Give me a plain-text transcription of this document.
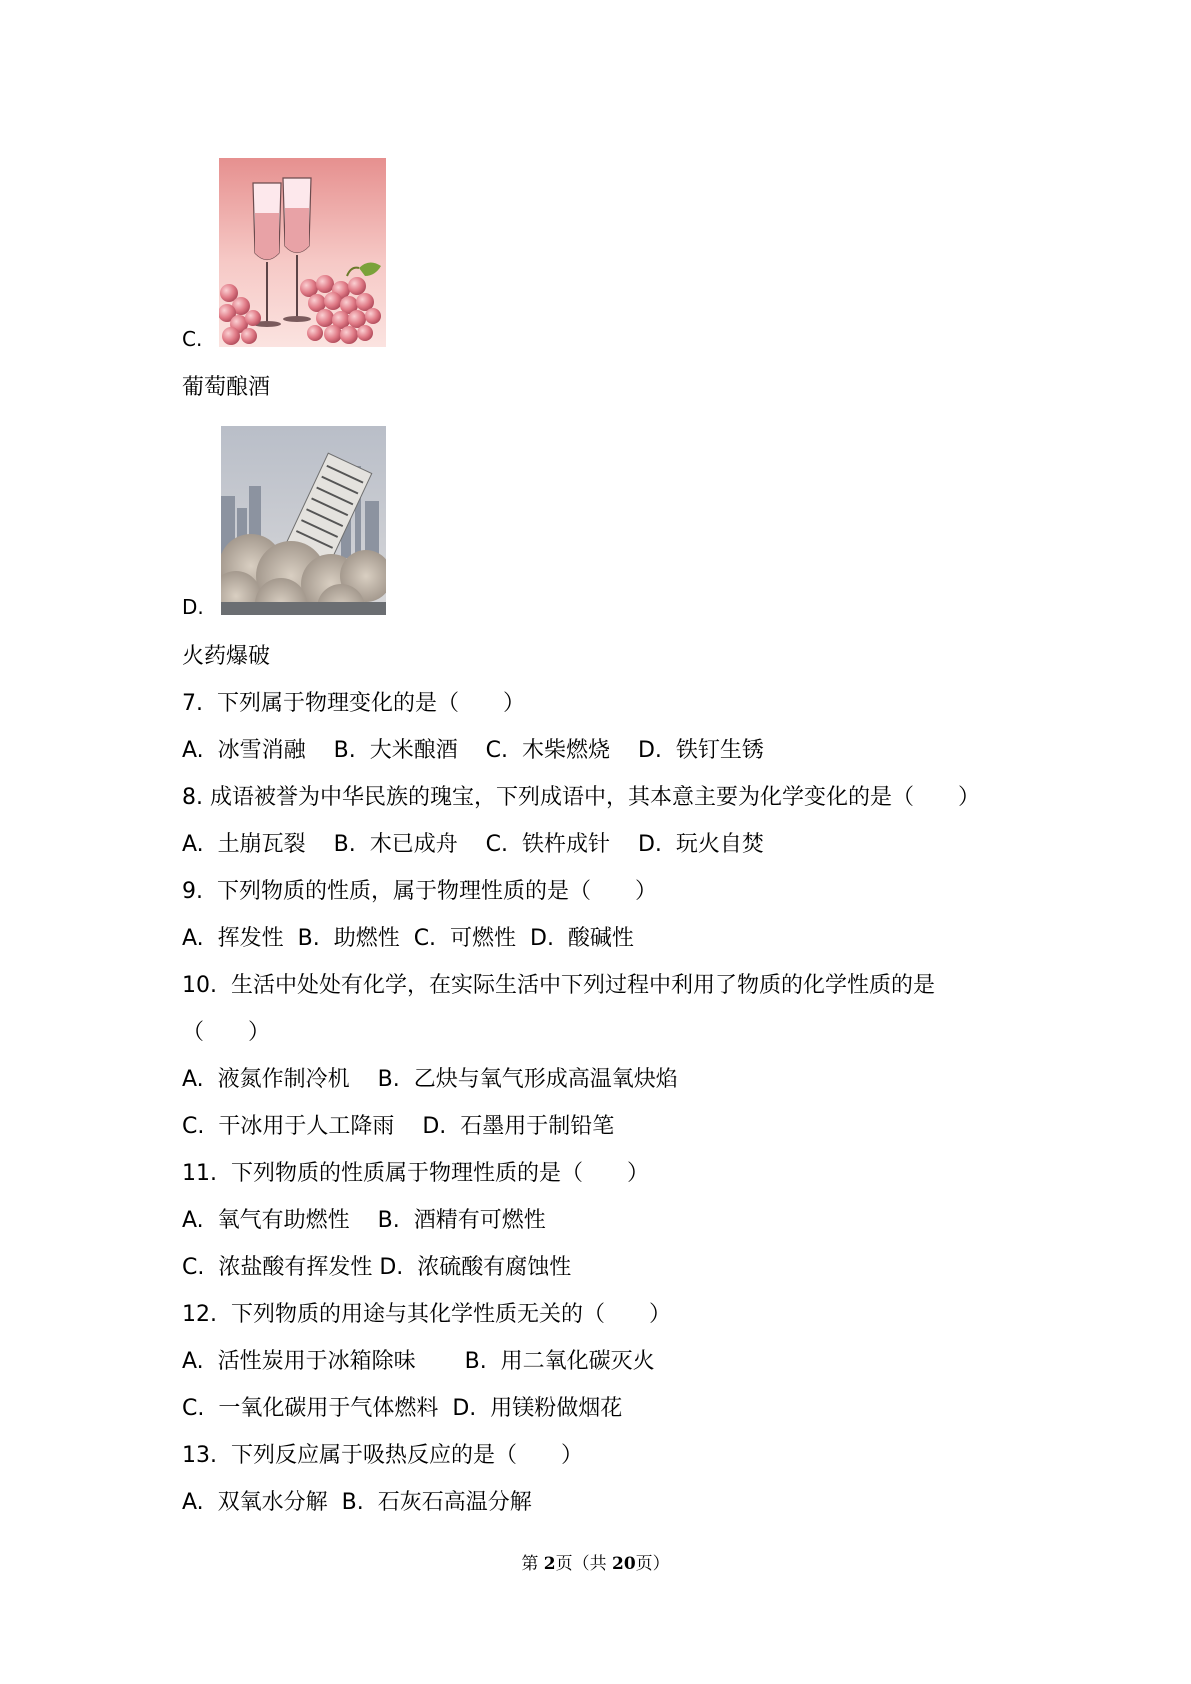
C.
葡萄酿酒
D.
火药爆破
7.  下列属于物理变化的是（　　）
A.  冰雪消融    B.  大米酿酒    C.  木柴燃烧    D.  铁钉生锈
8. 成语被誉为中华民族的瑰宝，下列成语中，其本意主要为化学变化的是（　　）
A.  土崩瓦裂    B.  木已成舟    C.  铁杵成针    D.  玩火自焚
9.  下列物质的性质，属于物理性质的是（　　）
A.  挥发性  B.  助燃性  C.  可燃性  D.  酸碱性
10.  生活中处处有化学，在实际生活中下列过程中利用了物质的化学性质的是
（　　）
A.  液氮作制冷机    B.  乙炔与氧气形成高温氧炔焰
C.  干冰用于人工降雨    D.  石墨用于制铅笔
11.  下列物质的性质属于物理性质的是（　　）
A.  氧气有助燃性    B.  酒精有可燃性
C.  浓盐酸有挥发性 D.  浓硫酸有腐蚀性
12.  下列物质的用途与其化学性质无关的（　　）
A.  活性炭用于冰箱除味       B.  用二氧化碳灭火
C.  一氧化碳用于气体燃料  D.  用镁粉做烟花
13.  下列反应属于吸热反应的是（　　）
A.  双氧水分解  B.  石灰石高温分解
第 2页（共 20页）
